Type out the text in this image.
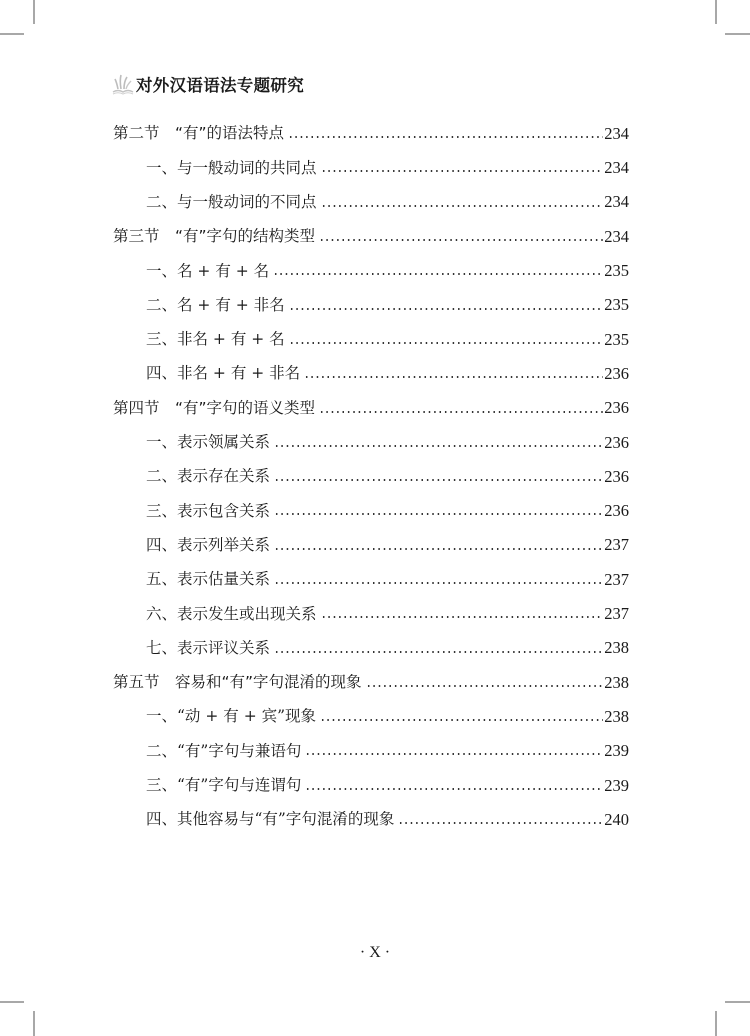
对外汉语语法专题研究
第二节　“有”的语法特点	234
一、与一般动词的共同点	234
二、与一般动词的不同点	234
第三节　“有”字句的结构类型	234
一、名 + 有 + 名	235
二、名 + 有 + 非名	235
三、非名 + 有 + 名	235
四、非名 + 有 + 非名	236
第四节　“有”字句的语义类型	236
一、表示领属关系	236
二、表示存在关系	236
三、表示包含关系	236
四、表示列举关系	237
五、表示估量关系	237
六、表示发生或出现关系	237
七、表示评议关系	238
第五节　容易和“有”字句混淆的现象	238
一、“动 + 有 + 宾”现象	238
二、“有”字句与兼语句	239
三、“有”字句与连谓句	239
四、其他容易与“有”字句混淆的现象	240
· X ·
